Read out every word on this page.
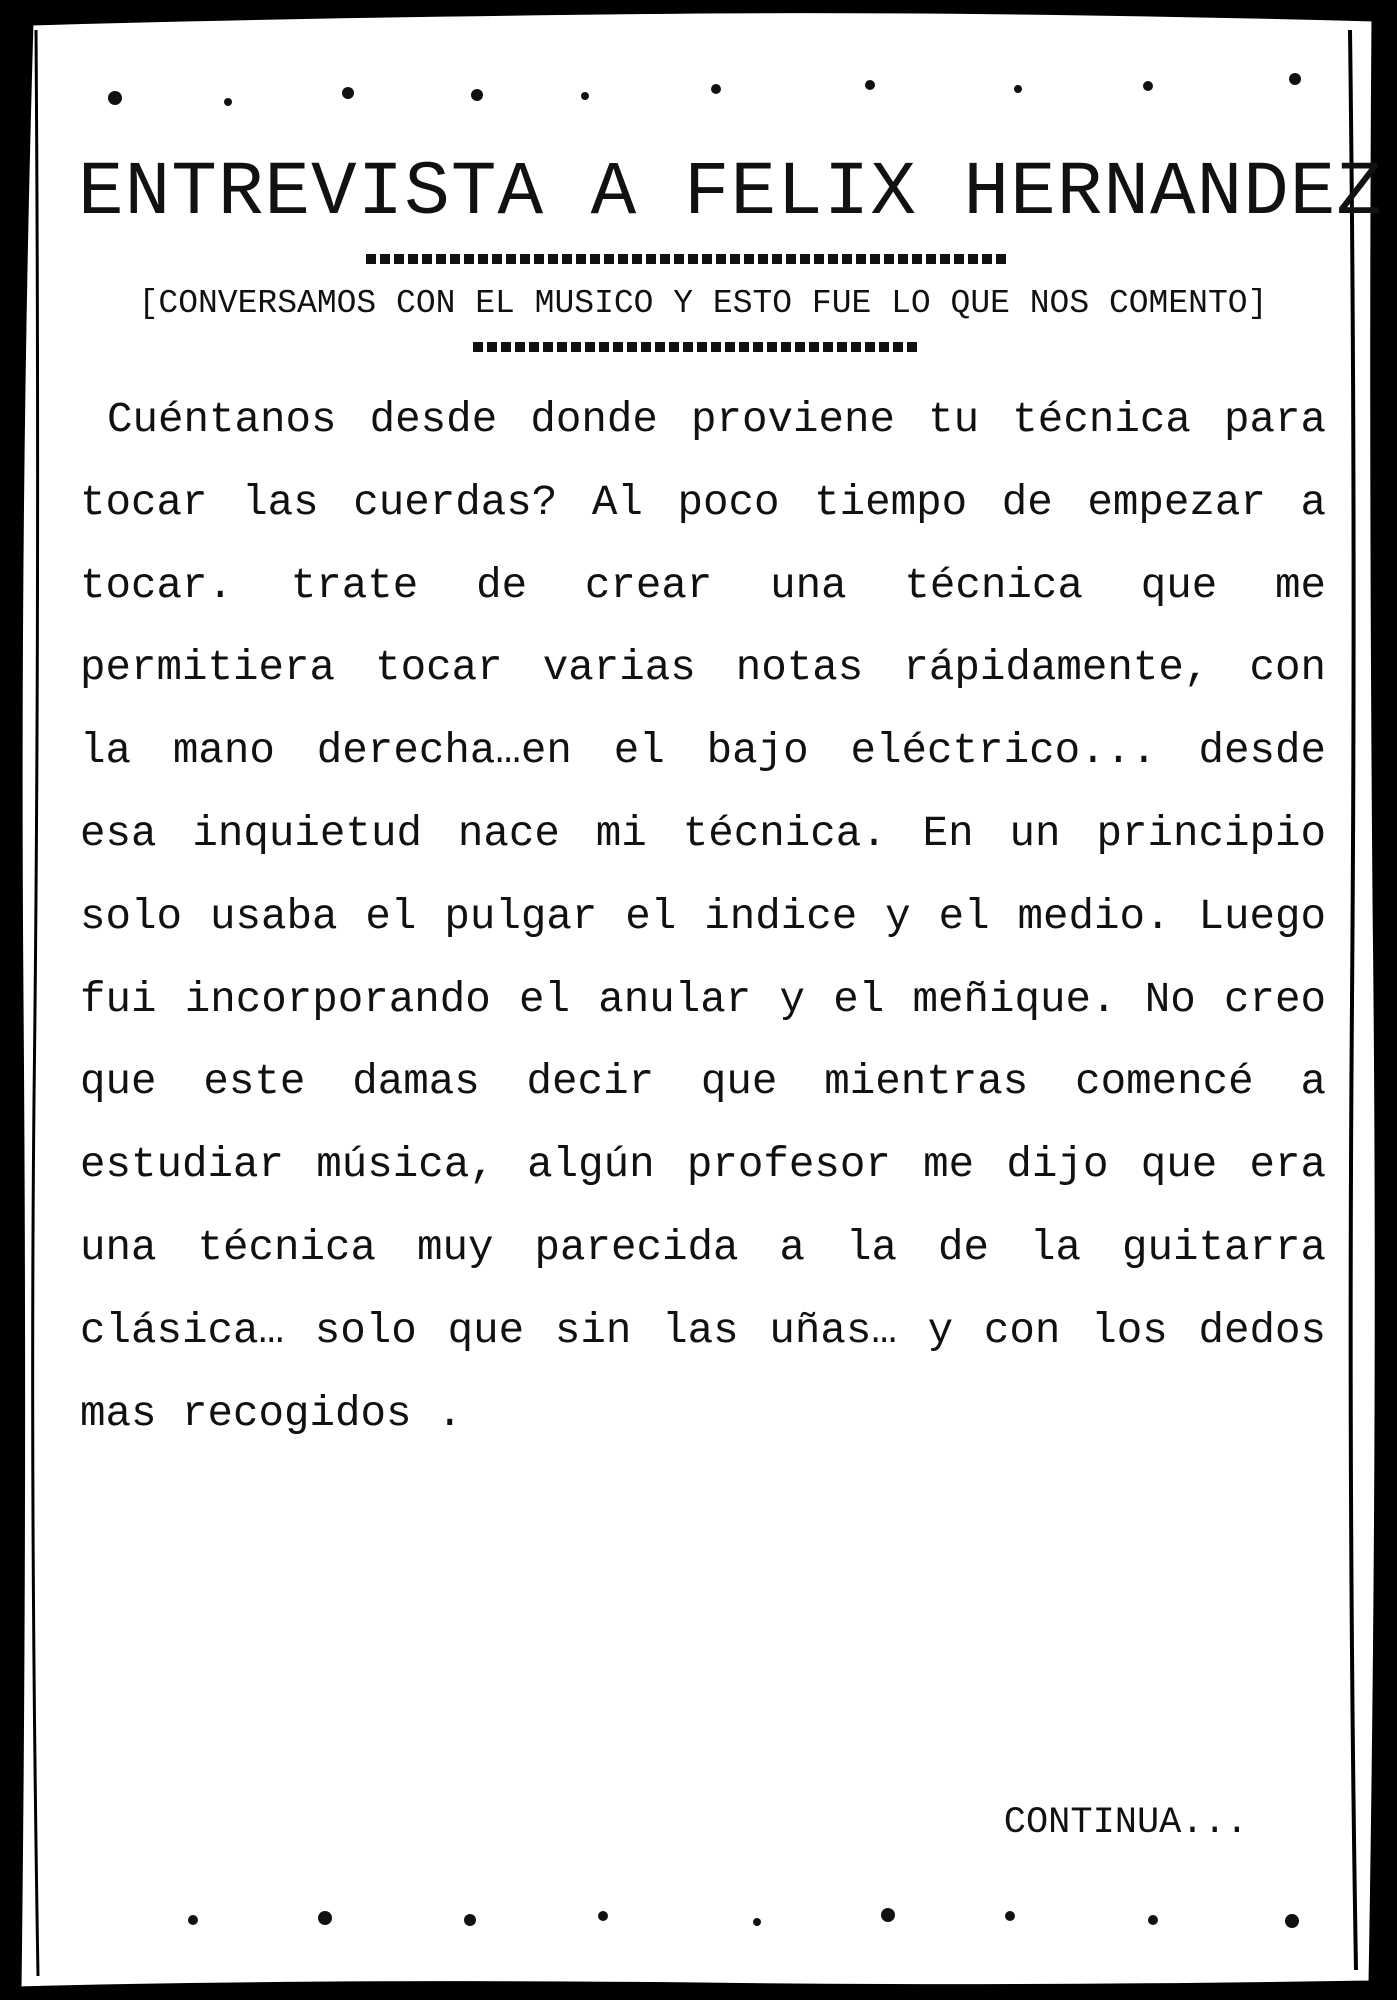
ENTREVISTA A FELIX HERNANDEZ

[CONVERSAMOS CON EL MUSICO Y ESTO FUE LO QUE NOS COMENTO]

Cuéntanos desde donde proviene tu técnica para tocar las cuerdas? Al poco tiempo de empezar a tocar. trate de crear una técnica que me permitiera tocar varias notas rápidamente, con la mano derecha…en el bajo eléctrico... desde esa inquietud nace mi técnica. En un principio solo usaba el pulgar el indice y el medio. Luego fui incorporando el anular y el meñique. No creo que este damas decir que mientras comencé a estudiar música, algún profesor me dijo que era una técnica muy parecida a la de la guitarra clásica… solo que sin las uñas… y con los dedos mas recogidos .

CONTINUA...
